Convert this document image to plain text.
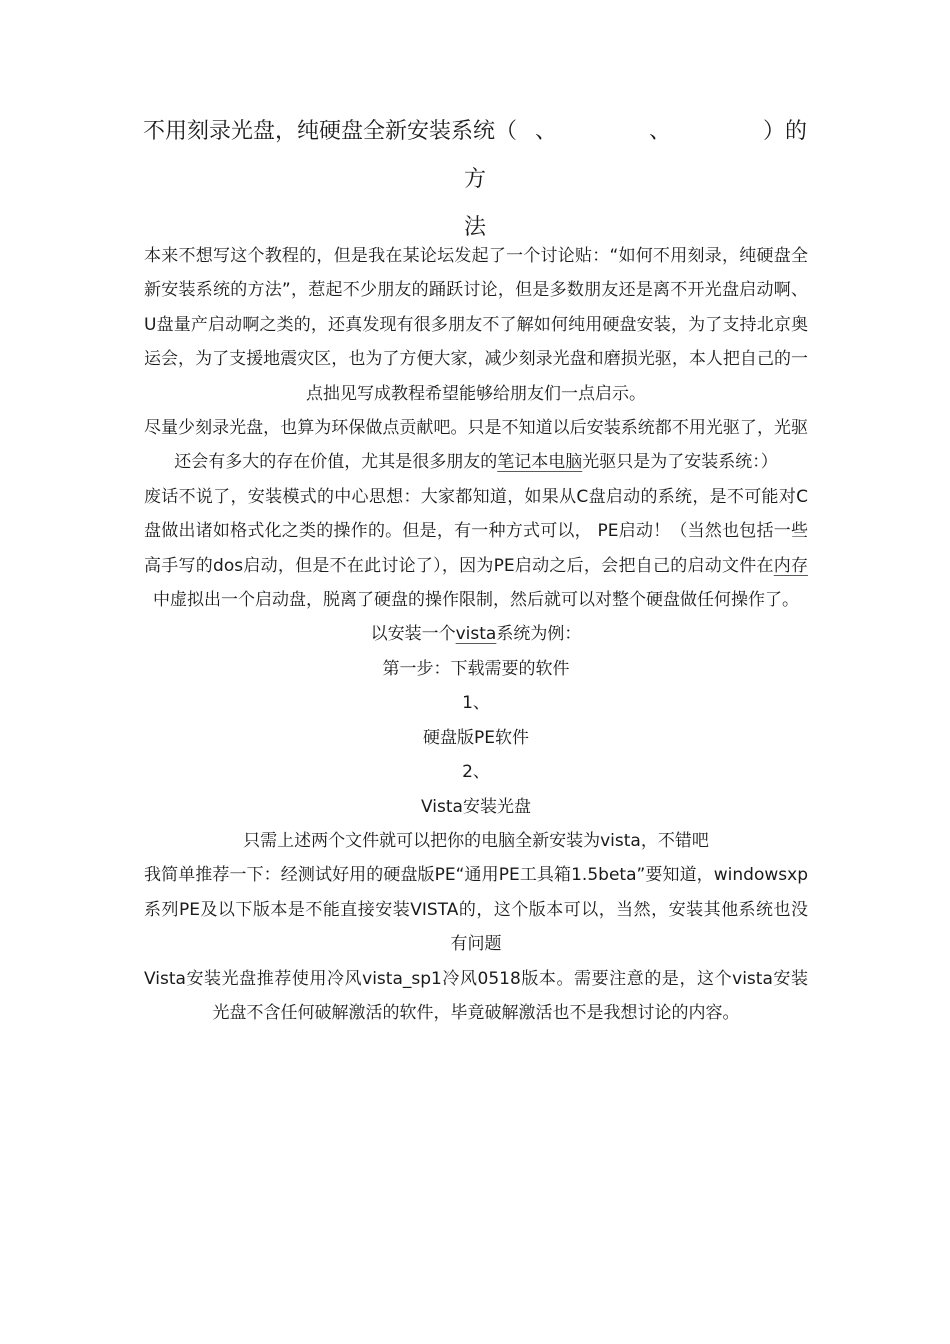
不用刻录光盘，纯硬盘全新安装系统（ 、	、	）的方
法

本来不想写这个教程的，但是我在某论坛发起了一个讨论贴：“如何不用刻录，纯硬盘全新安装系统的方法”，惹起不少朋友的踊跃讨论，但是多数朋友还是离不开光盘启动啊、U盘量产启动啊之类的，还真发现有很多朋友不了解如何纯用硬盘安装，为了支持北京奥运会，为了支援地震灾区，也为了方便大家，减少刻录光盘和磨损光驱，本人把自己的一点拙见写成教程希望能够给朋友们一点启示。

尽量少刻录光盘，也算为环保做点贡献吧。只是不知道以后安装系统都不用光驱了，光驱还会有多大的存在价值，尤其是很多朋友的笔记本电脑光驱只是为了安装系统：）

废话不说了，安装模式的中心思想：大家都知道，如果从C盘启动的系统，是不可能对C盘做出诸如格式化之类的操作的。但是，有一种方式可以， PE启动！（当然也包括一些高手写的dos启动，但是不在此讨论了），因为PE启动之后，会把自己的启动文件在内存中虚拟出一个启动盘，脱离了硬盘的操作限制，然后就可以对整个硬盘做任何操作了。

以安装一个vista系统为例：

第一步：下载需要的软件

1、

硬盘版PE软件

2、

Vista安装光盘

只需上述两个文件就可以把你的电脑全新安装为vista，不错吧

我简单推荐一下：经测试好用的硬盘版PE“通用PE工具箱1.5beta”要知道，windowsxp系列PE及以下版本是不能直接安装VISTA的，这个版本可以，当然，安装其他系统也没有问题

Vista安装光盘推荐使用冷风vista_sp1冷风0518版本。需要注意的是，这个vista安装光盘不含任何破解激活的软件，毕竟破解激活也不是我想讨论的内容。
